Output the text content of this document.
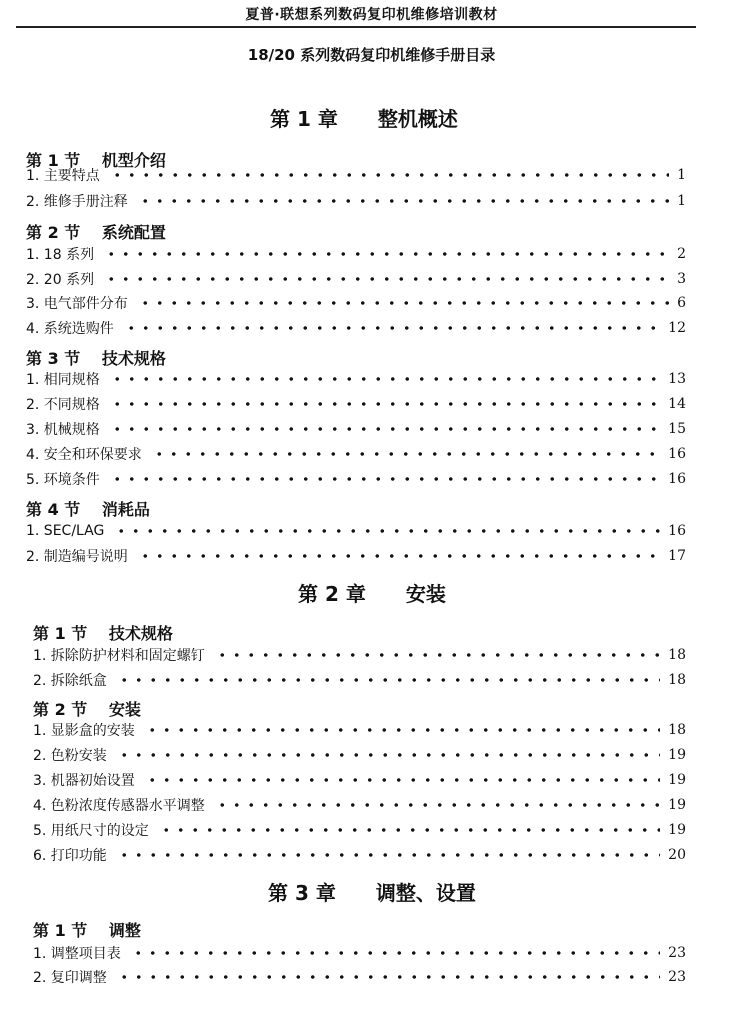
夏普·联想系列数码复印机维修培训教材
18/20 系列数码复印机维修手册目录
第 1 章　　整机概述
第 1 节　 机型介绍
1. 主要特点	1
2. 维修手册注释	1
第 2 节　 系统配置
1. 18 系列	2
2. 20 系列	3
3. 电气部件分布	6
4. 系统选购件	12
第 3 节　 技术规格
1. 相同规格	13
2. 不同规格	14
3. 机械规格	15
4. 安全和环保要求	16
5. 环境条件	16
第 4 节　 消耗品
1. SEC/LAG	16
2. 制造编号说明	17
第 2 章　　安装
第 1 节　 技术规格
1. 拆除防护材料和固定螺钉	18
2. 拆除纸盒	18
第 2 节　 安装
1. 显影盒的安装	18
2. 色粉安装	19
3. 机器初始设置	19
4. 色粉浓度传感器水平调整	19
5. 用纸尺寸的设定	19
6. 打印功能	20
第 3 章　　调整、设置
第 1 节　 调整
1. 调整项目表	23
2. 复印调整	23
